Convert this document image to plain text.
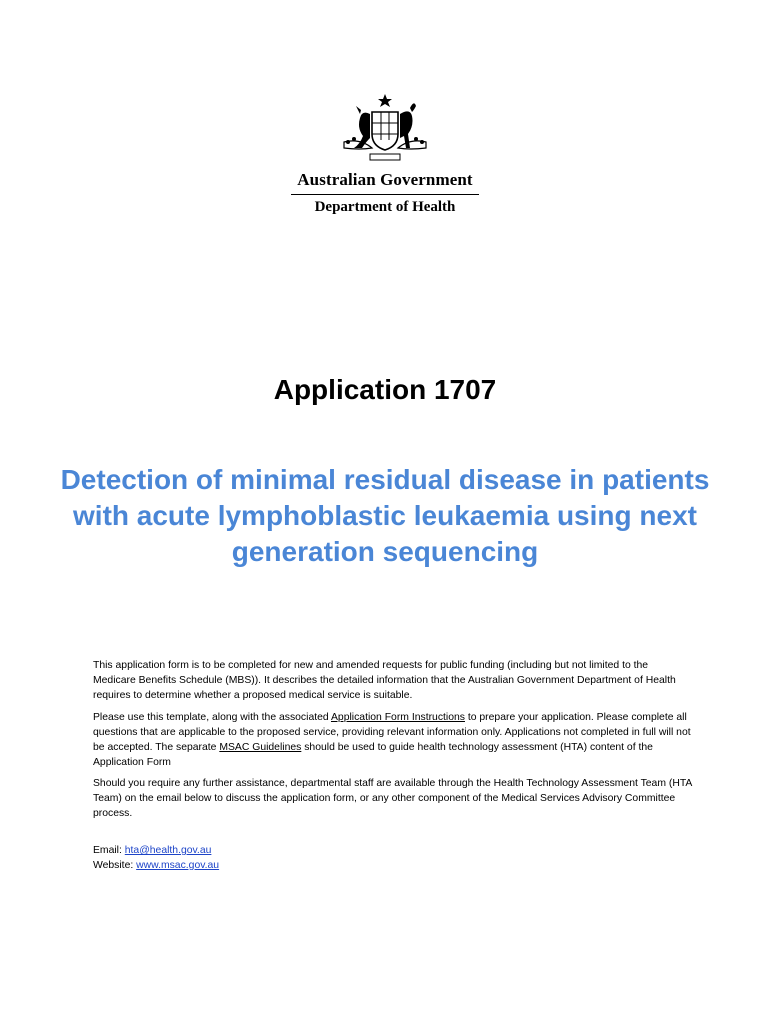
Australian Government
Department of Health
Application 1707
Detection of minimal residual disease in patients with acute lymphoblastic leukaemia using next generation sequencing

This application form is to be completed for new and amended requests for public funding (including but not limited to the Medicare Benefits Schedule (MBS)). It describes the detailed information that the Australian Government Department of Health requires to determine whether a proposed medical service is suitable.

Please use this template, along with the associated Application Form Instructions to prepare your application. Please complete all questions that are applicable to the proposed service, providing relevant information only. Applications not completed in full will not be accepted. The separate MSAC Guidelines should be used to guide health technology assessment (HTA) content of the Application Form

Should you require any further assistance, departmental staff are available through the Health Technology Assessment Team (HTA Team) on the email below to discuss the application form, or any other component of the Medical Services Advisory Committee process.

Email: hta@health.gov.au
Website: www.msac.gov.au
